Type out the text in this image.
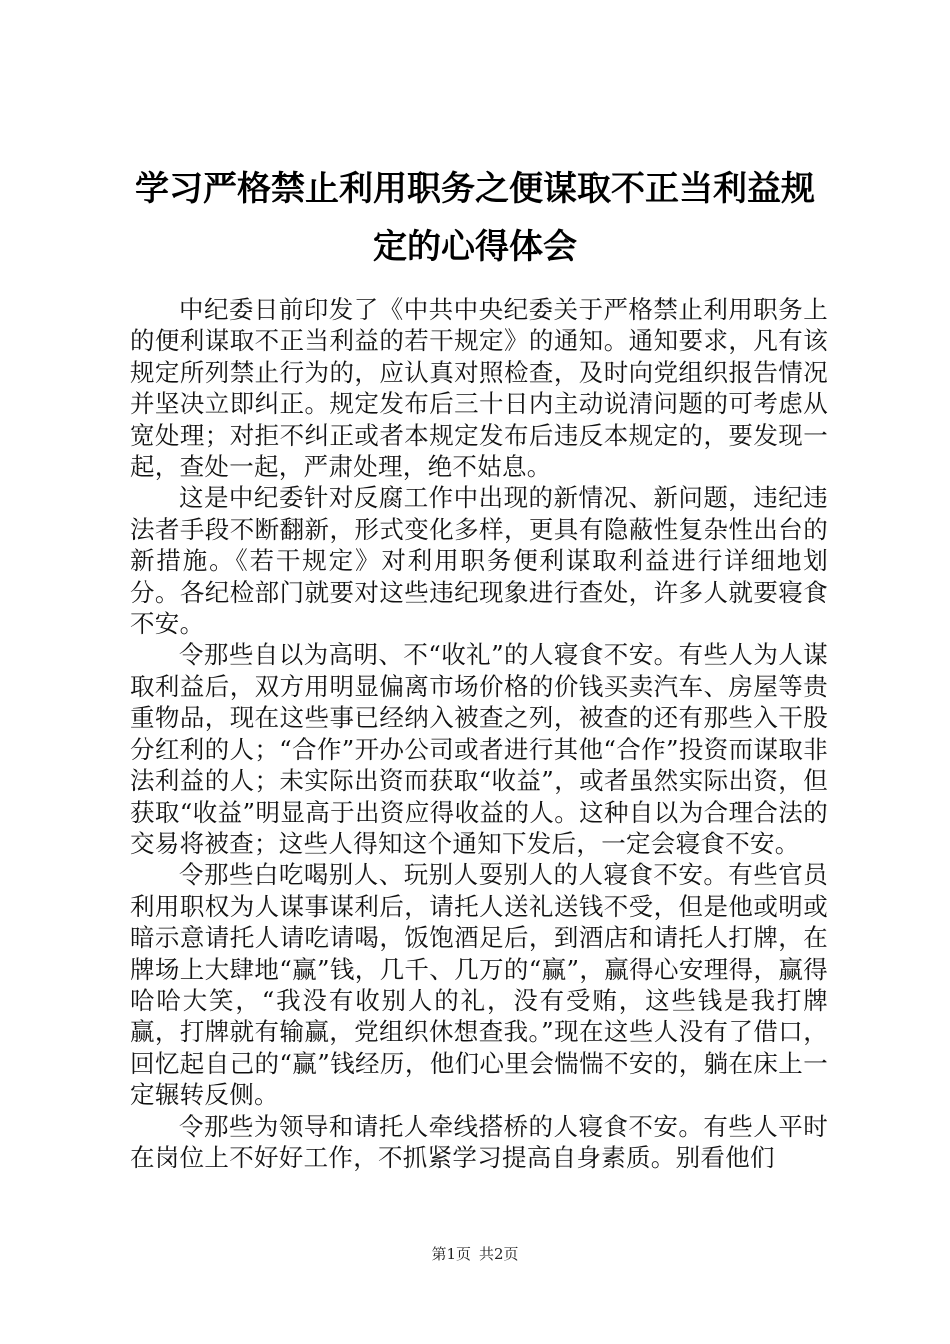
学习严格禁止利用职务之便谋取不正当利益规定的心得体会

中纪委日前印发了《中共中央纪委关于严格禁止利用职务上的便利谋取不正当利益的若干规定》的通知。通知要求，凡有该规定所列禁止行为的，应认真对照检查，及时向党组织报告情况并坚决立即纠正。规定发布后三十日内主动说清问题的可考虑从宽处理；对拒不纠正或者本规定发布后违反本规定的，要发现一起，查处一起，严肃处理，绝不姑息。

这是中纪委针对反腐工作中出现的新情况、新问题，违纪违法者手段不断翻新，形式变化多样，更具有隐蔽性复杂性出台的新措施。《若干规定》对利用职务便利谋取利益进行详细地划分。各纪检部门就要对这些违纪现象进行查处，许多人就要寝食不安。

令那些自以为高明、不“收礼”的人寝食不安。有些人为人谋取利益后，双方用明显偏离市场价格的价钱买卖汽车、房屋等贵重物品，现在这些事已经纳入被查之列，被查的还有那些入干股分红利的人；“合作”开办公司或者进行其他“合作”投资而谋取非法利益的人；未实际出资而获取“收益”，或者虽然实际出资，但获取“收益”明显高于出资应得收益的人。这种自以为合理合法的交易将被查；这些人得知这个通知下发后，一定会寝食不安。

令那些白吃喝别人、玩别人耍别人的人寝食不安。有些官员利用职权为人谋事谋利后，请托人送礼送钱不受，但是他或明或暗示意请托人请吃请喝，饭饱酒足后，到酒店和请托人打牌，在牌场上大肆地“赢”钱，几千、几万的“赢”，赢得心安理得，赢得哈哈大笑，“我没有收别人的礼，没有受贿，这些钱是我打牌赢，打牌就有输赢，党组织休想查我。”现在这些人没有了借口，回忆起自己的“赢”钱经历，他们心里会惴惴不安的，躺在床上一定辗转反侧。

令那些为领导和请托人牵线搭桥的人寝食不安。有些人平时在岗位上不好好工作，不抓紧学习提高自身素质。别看他们

第1页 共2页
